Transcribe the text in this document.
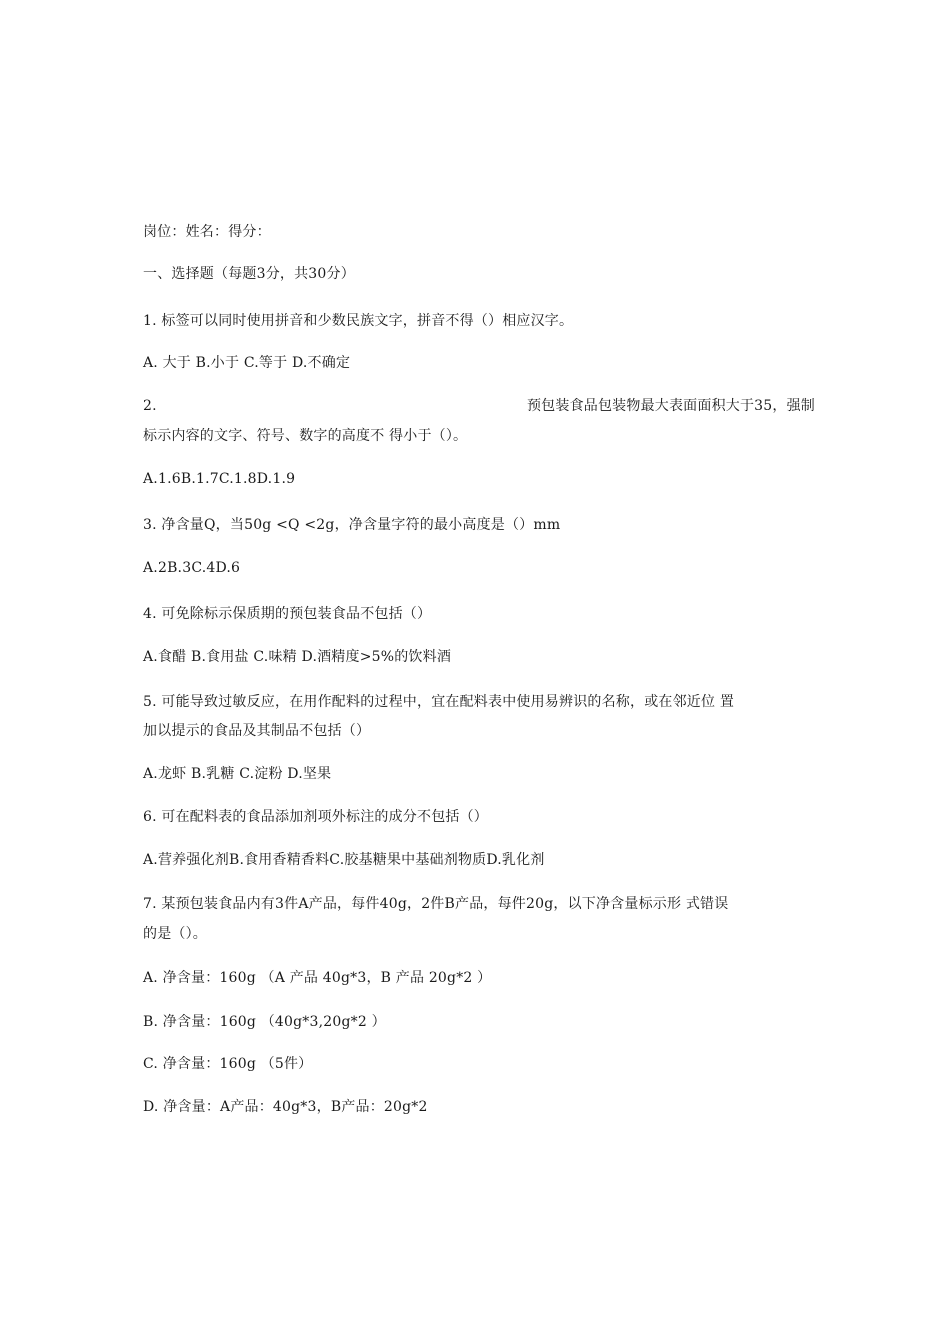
岗位：姓名：得分：
一、选择题（每题3分，共30分）
1. 标签可以同时使用拼音和少数民族文字，拼音不得（）相应汉字。
A. 大于 B.小于 C.等于 D.不确定
2.	预包装食品包装物最大表面面积大于35，强制
标示内容的文字、符号、数字的高度不 得小于（）。
A.1.6B.1.7C.1.8D.1.9
3. 净含量Q，当50g <Q <2g，净含量字符的最小高度是（）mm
A.2B.3C.4D.6
4. 可免除标示保质期的预包装食品不包括（）
A.食醋 B.食用盐 C.味精 D.酒精度>5%的饮料酒
5. 可能导致过敏反应，在用作配料的过程中，宜在配料表中使用易辨识的名称，或在邻近位 置
加以提示的食品及其制品不包括（）
A.龙虾 B.乳糖 C.淀粉 D.坚果
6. 可在配料表的食品添加剂项外标注的成分不包括（）
A.营养强化剂B.食用香精香料C.胶基糖果中基础剂物质D.乳化剂
7. 某预包装食品内有3件A产品，每件40g，2件B产品，每件20g，以下净含量标示形 式错误
的是（）。
A. 净含量：160g （A 产品 40g*3，B 产品 20g*2 ）
B. 净含量：160g （40g*3,20g*2 ）
C. 净含量：160g （5件）
D. 净含量：A产品：40g*3，B产品：20g*2
